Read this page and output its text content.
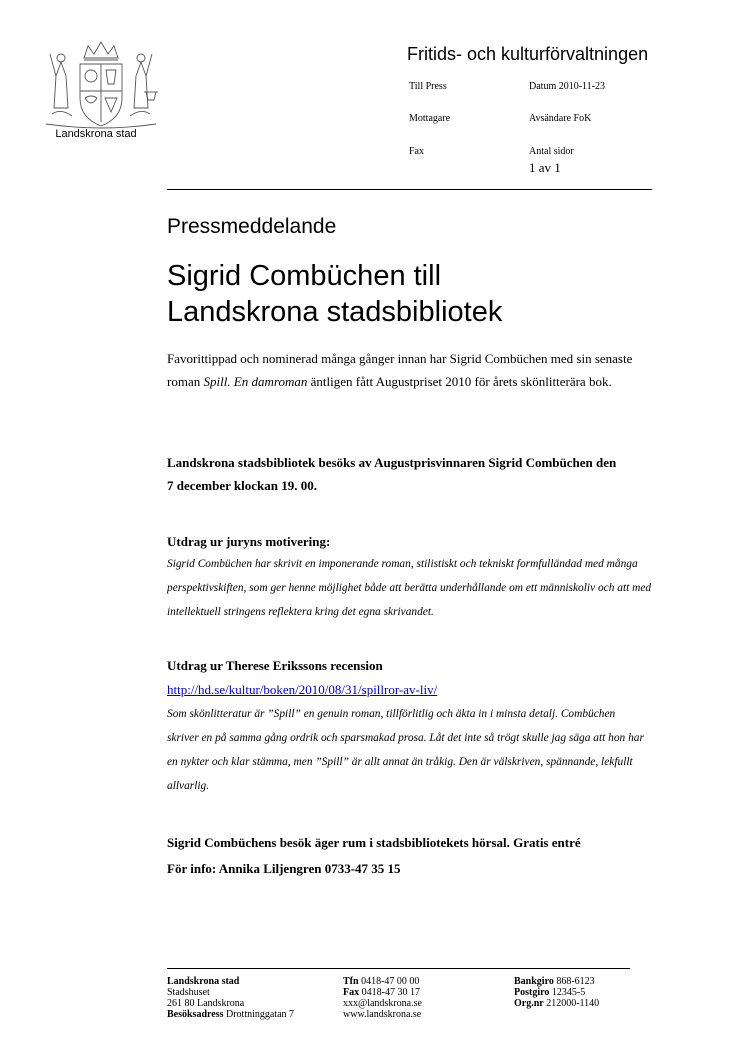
Landskrona stad
Fritids- och kulturförvaltningen
Till Press	Datum 2010-11-23
Mottagare	Avsändare FoK
Fax	Antal sidor
1 av 1
Pressmeddelande
Sigrid Combüchen till
Landskrona stadsbibliotek
Favorittippad och nominerad många gånger innan har Sigrid Combüchen med sin senaste roman Spill. En damroman äntligen fått Augustpriset 2010 för årets skönlitterära bok.
Landskrona stadsbibliotek besöks av Augustprisvinnaren Sigrid Combüchen den 7 december klockan 19. 00.
Utdrag ur juryns motivering:
Sigrid Combüchen har skrivit en imponerande roman, stilistiskt och tekniskt formfulländad med många perspektivskiften, som ger henne möjlighet både att berätta underhållande om ett människoliv och att med intellektuell stringens reflektera kring det egna skrivandet.
Utdrag ur Therese Erikssons recension
http://hd.se/kultur/boken/2010/08/31/spillror-av-liv/
Som skönlitteratur är ”Spill” en genuin roman, tillförlitlig och äkta in i minsta detalj. Combüchen skriver en på samma gång ordrik och sparsmakad prosa. Låt det inte så trögt skulle jag säga att hon har en nykter och klar stämma, men ”Spill” är allt annat än tråkig. Den är välskriven, spännande, lekfullt allvarlig.
Sigrid Combüchens besök äger rum i stadsbibliotekets hörsal. Gratis entré
För info: Annika Liljengren 0733-47 35 15
Landskrona stad
Stadshuset
261 80 Landskrona
Besöksadress Drottninggatan 7
Tfn 0418-47 00 00
Fax 0418-47 30 17
xxx@landskrona.se
www.landskrona.se
Bankgiro 868-6123
Postgiro 12345-5
Org.nr 212000-1140
